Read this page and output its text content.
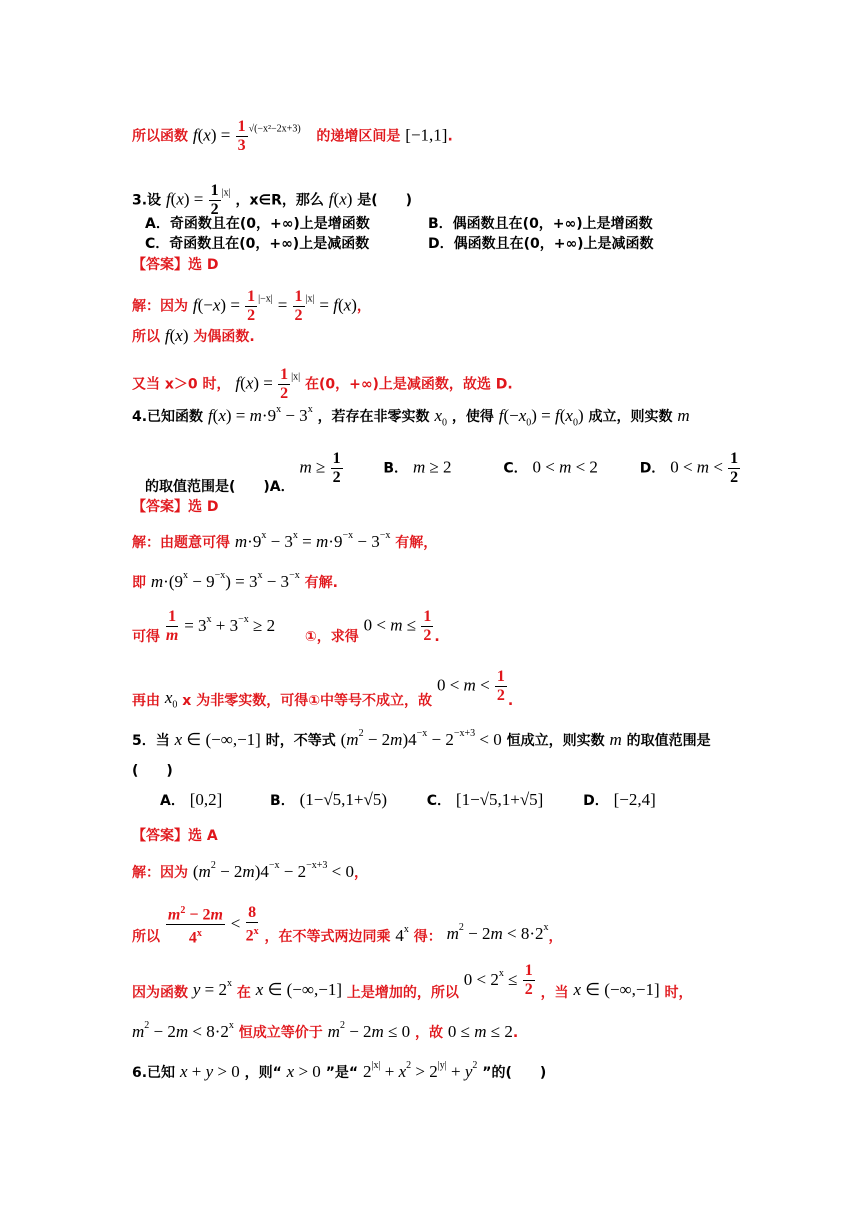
所以函数 $f(x) = \frac{1}{3} ^{√(-x^2-2x+3)}$ 的递增区间是 [−1,1].
3.设 $f(x) = \frac{1}{2} ^{|x|}$ ，x∈R，那么 f(x) 是(　　)
A．奇函数且在(0，+∞)上是增函数	B．偶函数且在(0，+∞)上是增函数
C．奇函数且在(0，+∞)上是减函数	D．偶函数且在(0，+∞)上是减函数
【答案】选 D
解：因为 $f(-x) = \frac{1}{2} ^{|-x|} = \frac{1}{2} ^{|x|} = f(x)$，
所以 f(x) 为偶函数.
又当 x＞0 时， $f(x) = \frac{1}{2} ^{|x|}$ 在(0，+∞)上是减函数，故选 D.
4.已知函数 $f(x) = m\cdot 9^x - 3^x$ ，若存在非零实数 $x_0$ ，使得 $f(-x_0) = f(x_0)$ 成立，则实数 m
的取值范围是(　　)A． $m \ge \frac{1}{2}$	B． m ≥ 2	C． 0 < m < 2	D． $0 < m < \frac{1}{2}$
【答案】选 D
解：由题意可得 $m\cdot 9^x - 3^x = m\cdot 9^{-x} - 3^{-x}$ 有解，
即 $m\cdot(9^x - 9^{-x}) = 3^x - 3^{-x}$ 有解.
可得 $\frac{1}{m} = 3^x + 3^{-x} \ge 2$  ①，求得 $0 < m \le \frac{1}{2}$ .
再由 $x_0$ x 为非零实数，可得①中等号不成立，故 $0 < m < \frac{1}{2}$ .
5．当 x ∈ (−∞,−1] 时，不等式 $(m^2 - 2m)4^{-x} - 2^{-x+3} < 0$ 恒成立，则实数 m 的取值范围是
(　　)
A． [0,2]	B． (1−√5,1+√5)	C． [1−√5,1+√5]	D． [−2,4]
【答案】选 A
解：因为 $(m^2 - 2m)4^{-x} - 2^{-x+3} < 0$，
所以 $\frac{m^2 - 2m}{4^x} < \frac{8}{2^x}$ ，在不等式两边同乘 4$^x$ 得： $m^2 - 2m < 8\cdot 2^x$，
因为函数 $y = 2^x$ 在 x ∈ (−∞,−1] 上是增加的，所以 $0 < 2^x \le \frac{1}{2}$ ，当 x ∈ (−∞,−1] 时，
$m^2 - 2m < 8\cdot 2^x$ 恒成立等价于 $m^2 - 2m \le 0$ ，故 0 ≤ m ≤ 2.
6.已知 x + y > 0 ，则“ x > 0 ”是“ $2^{|x|} + x^2 > 2^{|y|} + y^2$ ”的(　　)
